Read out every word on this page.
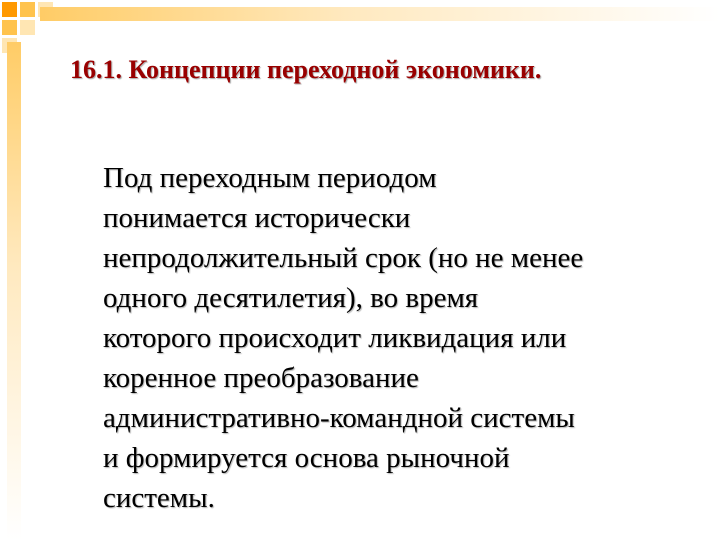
16.1. Концепции переходной экономики.

Под переходным периодом
понимается исторически
непродолжительный срок (но не менее
одного десятилетия), во время
которого происходит ликвидация или
коренное преобразование
административно-командной системы
и формируется основа рыночной
системы.
